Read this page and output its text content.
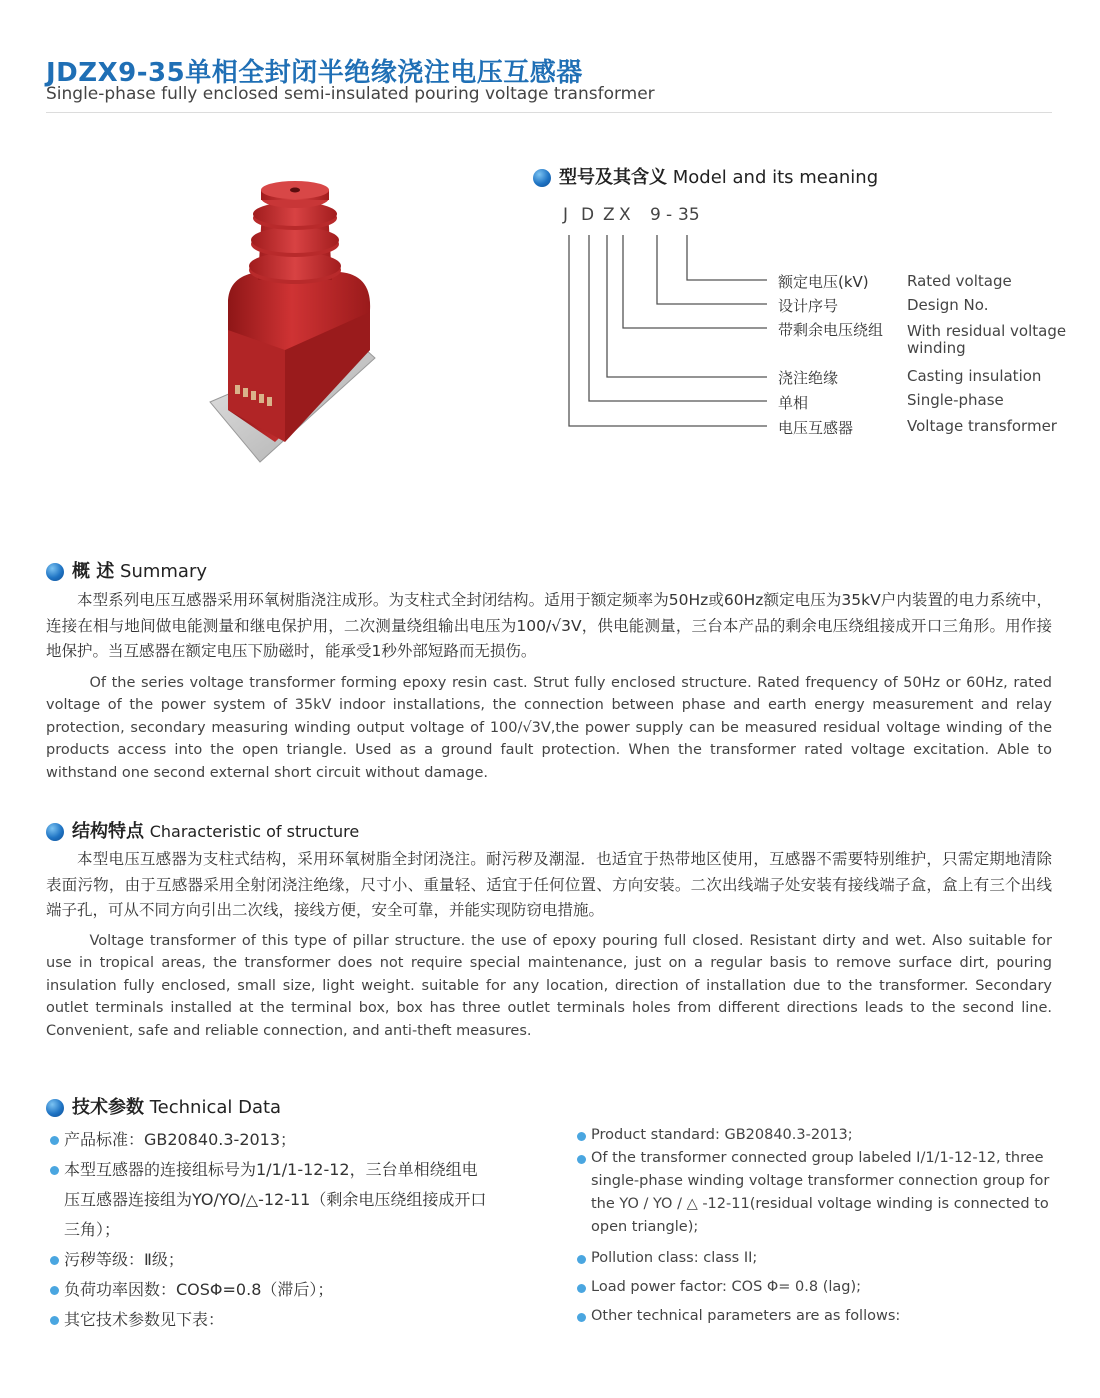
JDZX9-35单相全封闭半绝缘浇注电压互感器
Single-phase fully enclosed semi-insulated pouring voltage transformer
型号及其含义 Model and its meaning
J D Z X 9 - 35
额定电压(kV)	Rated voltage
设计序号	Design No.
带剩余电压绕组 With residual voltage
winding
浇注绝缘	Casting insulation
单相	Single-phase
电压互感器	Voltage transformer
概 述 Summary

本型系列电压互感器采用环氧树脂浇注成形。为支柱式全封闭结构。适用于额定频率为50Hz或60Hz额定电压为35kV户内装置的电力系统中，连接在相与地间做电能测量和继电保护用，二次测量绕组输出电压为100/√3V，供电能测量，三台本产品的剩余电压绕组接成开口三角形。用作接地保护。当互感器在额定电压下励磁时，能承受1秒外部短路而无损伤。

Of the series voltage transformer forming epoxy resin cast. Strut fully enclosed structure. Rated frequency of 50Hz or 60Hz, rated voltage of the power system of 35kV indoor installations, the connection between phase and earth energy measurement and relay protection, secondary measuring winding output voltage of 100/√3V,the power supply can be measured residual voltage winding of the products access into the open triangle. Used as a ground fault protection. When the transformer rated voltage excitation. Able to withstand one second external short circuit without damage.

结构特点 Characteristic of structure

本型电压互感器为支柱式结构，采用环氧树脂全封闭浇注。耐污秽及潮湿．也适宜于热带地区使用，互感器不需要特别维护，只需定期地清除表面污物，由于互感器采用全射闭浇注绝缘，尺寸小、重量轻、适宜于任何位置、方向安装。二次出线端子处安装有接线端子盒，盒上有三个出线端子孔，可从不同方向引出二次线，接线方便，安全可靠，并能实现防窃电措施。

Voltage transformer of this type of pillar structure. the use of epoxy pouring full closed. Resistant dirty and wet. Also suitable for use in tropical areas, the transformer does not require special maintenance, just on a regular basis to remove surface dirt, pouring insulation fully enclosed, small size, light weight. suitable for any location, direction of installation due to the transformer. Secondary outlet terminals installed at the terminal box, box has three outlet terminals holes from different directions leads to the second line. Convenient, safe and reliable connection, and anti-theft measures.

技术参数 Technical Data
产品标准：GB20840.3-2013；
本型互感器的连接组标号为1/1/1-12-12，三台单相绕组电压互感器连接组为YO/YO/△-12-11（剩余电压绕组接成开口三角）；
污秽等级：Ⅱ级；
负荷功率因数：COSΦ=0.8（滞后）；
其它技术参数见下表：
Product standard: GB20840.3-2013;
Of the transformer connected group labeled I/1/1-12-12, three single-phase winding voltage transformer connection group for the YO / YO / △ -12-11(residual voltage winding is connected to open triangle);
Pollution class: class II;
Load power factor: COS Φ= 0.8 (lag);
Other technical parameters are as follows:
